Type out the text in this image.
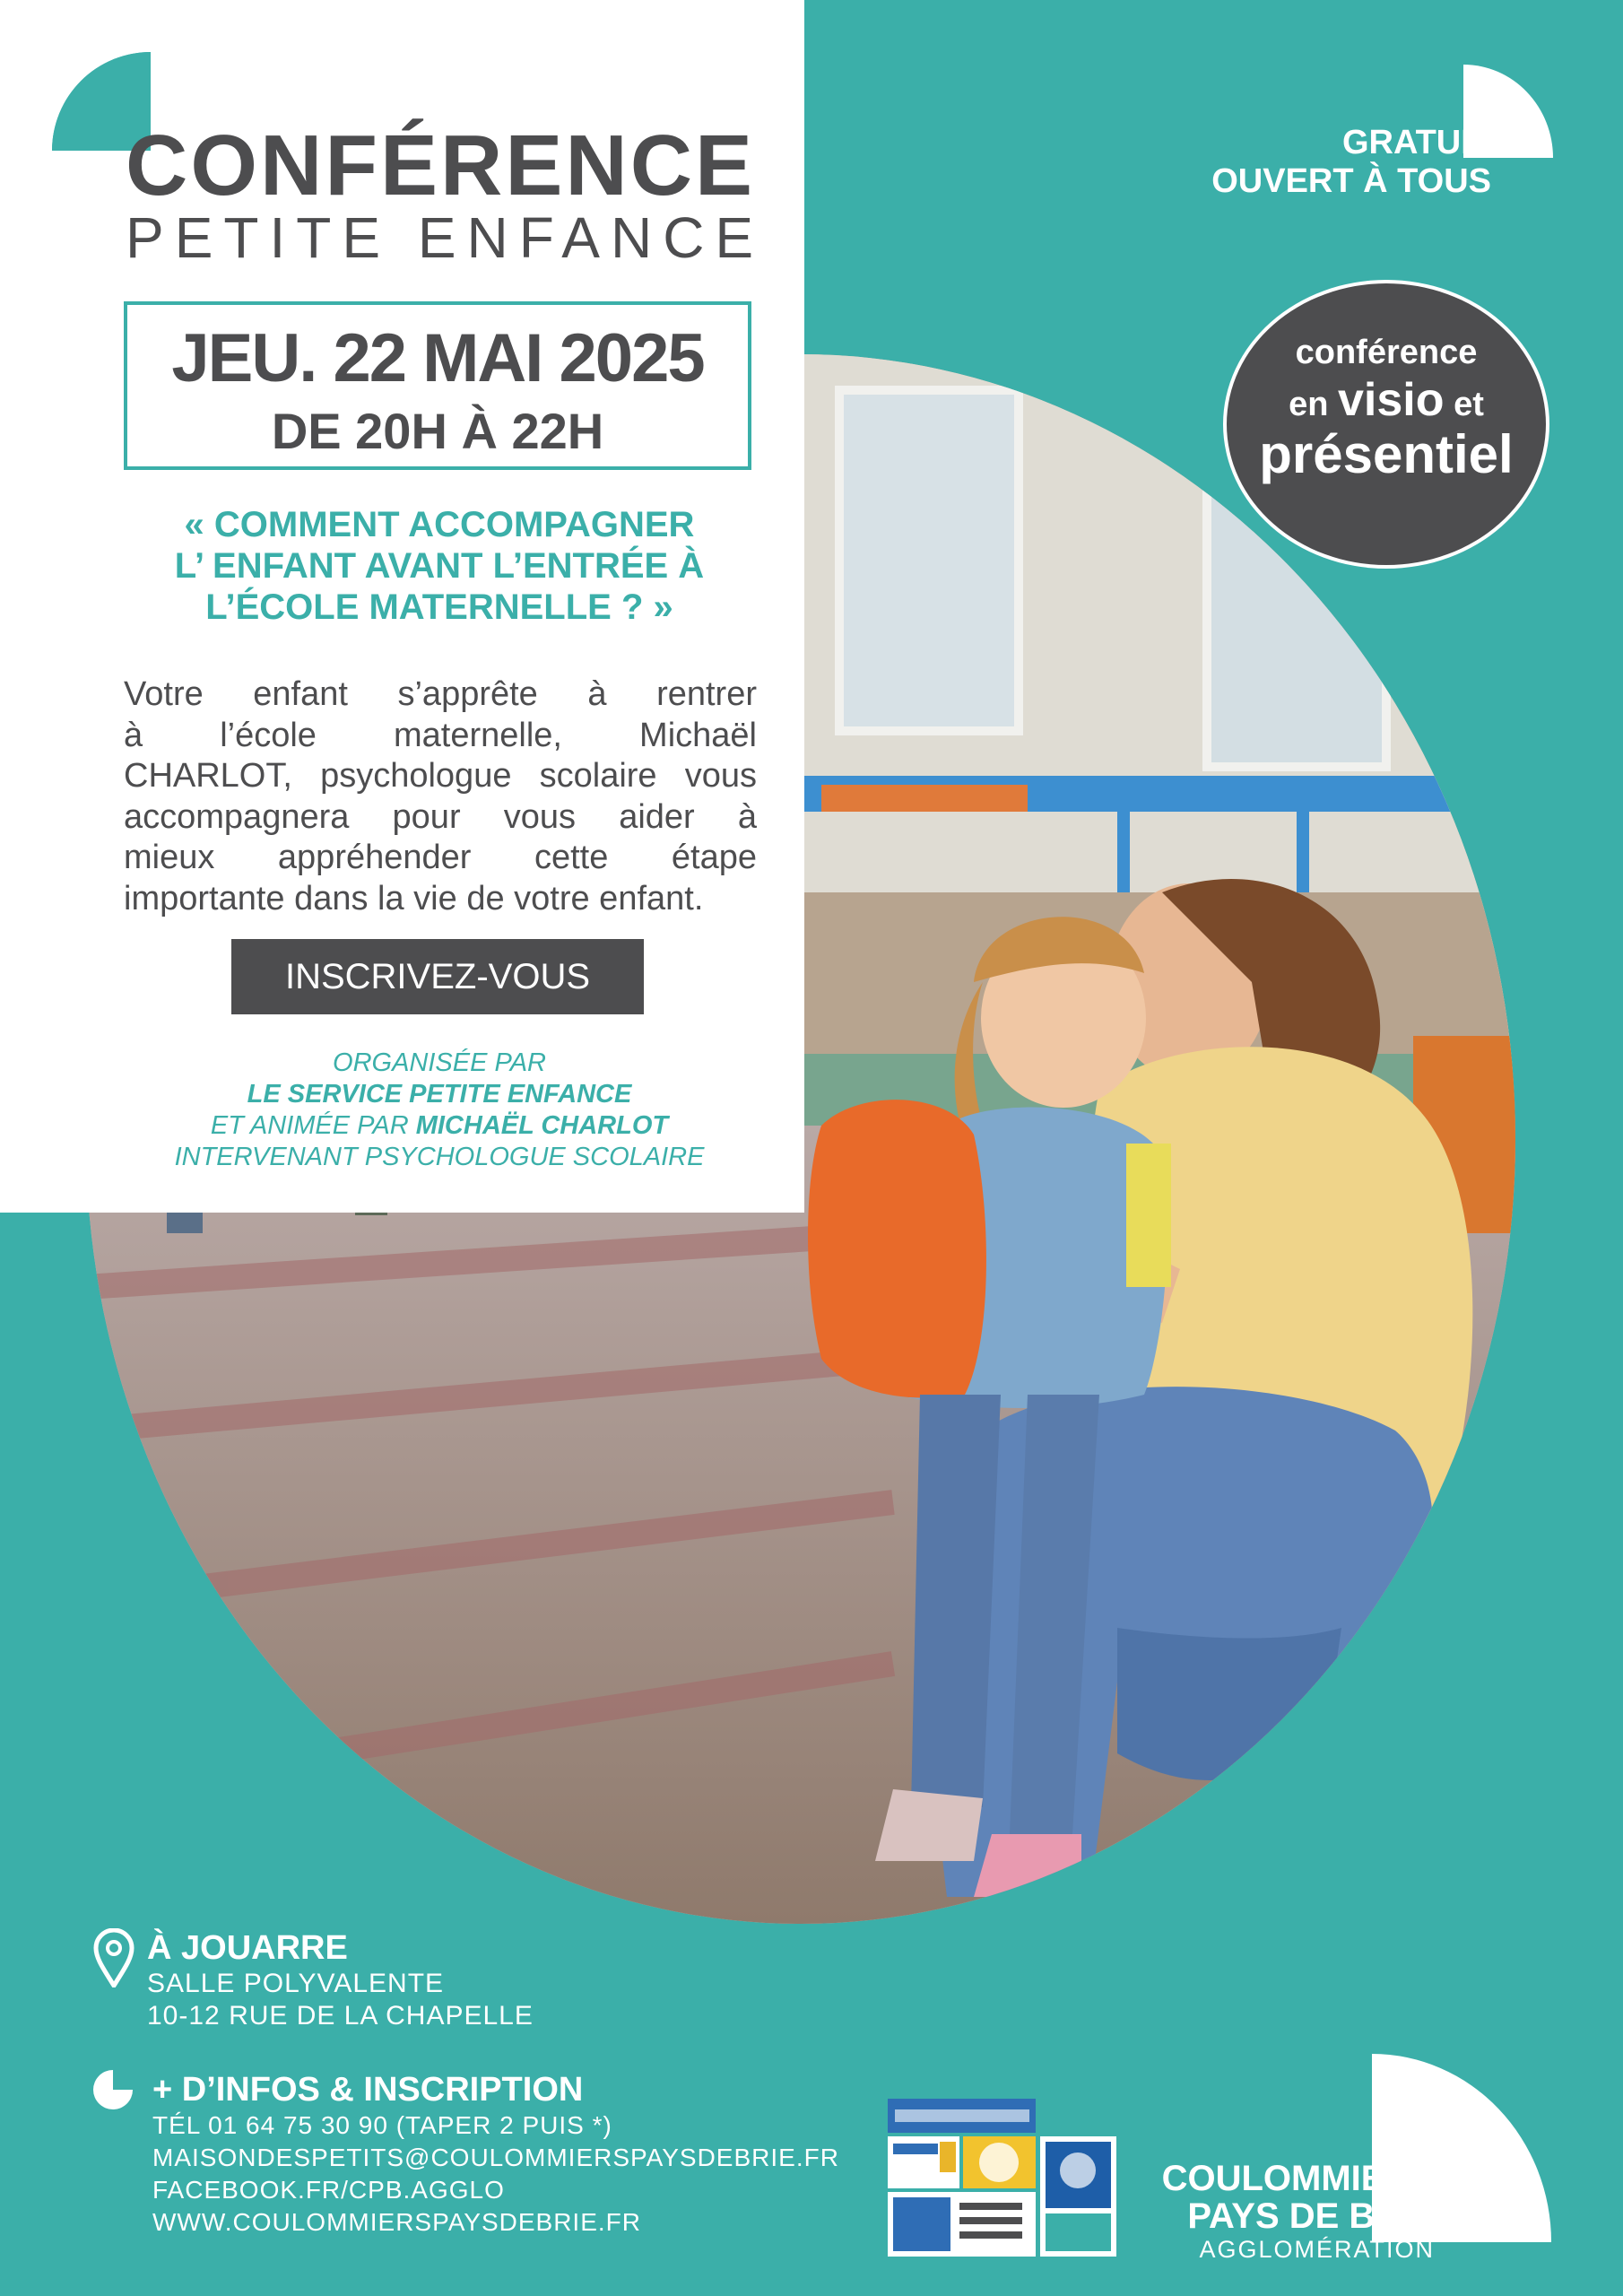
CONFÉRENCE
PETITE ENFANCE
JEU. 22 MAI 2025
DE 20H À 22H
« COMMENT ACCOMPAGNER
L’ ENFANT AVANT L’ENTRÉE À
L’ÉCOLE MATERNELLE ? »
Votre enfant s’apprête à rentrer
à l’école maternelle, Michaël
CHARLOT, psychologue scolaire vous
accompagnera pour vous aider à
mieux appréhender cette étape
importante dans la vie de votre enfant.
INSCRIVEZ-VOUS
ORGANISÉE PAR
LE SERVICE PETITE ENFANCE
ET ANIMÉE PAR MICHAËL CHARLOT
INTERVENANT PSYCHOLOGUE SCOLAIRE
GRATUIT
OUVERT À TOUS
conférence
en visio et
présentiel
À JOUARRE
SALLE POLYVALENTE
10-12 RUE DE LA CHAPELLE
+ D’INFOS & INSCRIPTION
TÉL 01 64 75 30 90 (TAPER 2 PUIS *)
MAISONDESPETITS@COULOMMIERSPAYSDEBRIE.FR
FACEBOOK.FR/CPB.AGGLO
WWW.COULOMMIERSPAYSDEBRIE.FR
COULOMMIERS
PAYS DE BRIE
AGGLOMÉRATION
